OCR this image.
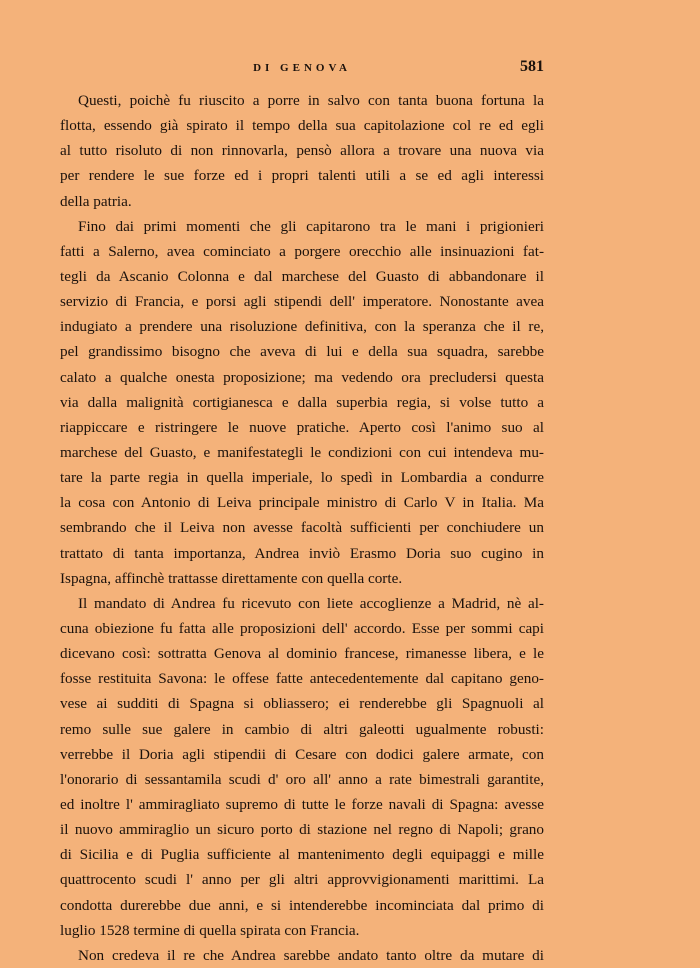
DI GENOVA	581
Questi, poichè fu riuscito a porre in salvo con tanta buona fortuna la
flotta, essendo già spirato il tempo della sua capitolazione col re ed egli
al tutto risoluto di non rinnovarla, pensò allora a trovare una nuova via
per rendere le sue forze ed i propri talenti utili a se ed agli interessi
della patria.
Fino dai primi momenti che gli capitarono tra le mani i prigionieri
fatti a Salerno, avea cominciato a porgere orecchio alle insinuazioni fat-
tegli da Ascanio Colonna e dal marchese del Guasto di abbandonare il
servizio di Francia, e porsi agli stipendi dell' imperatore. Nonostante avea
indugiato a prendere una risoluzione definitiva, con la speranza che il re,
pel grandissimo bisogno che aveva di lui e della sua squadra, sarebbe
calato a qualche onesta proposizione; ma vedendo ora precludersi questa
via dalla malignità cortigianesca e dalla superbia regia, si volse tutto a
riappiccare e ristringere le nuove pratiche. Aperto così l'animo suo al
marchese del Guasto, e manifestategli le condizioni con cui intendeva mu-
tare la parte regia in quella imperiale, lo spedì in Lombardia a condurre
la cosa con Antonio di Leiva principale ministro di Carlo V in Italia. Ma
sembrando che il Leiva non avesse facoltà sufficienti per conchiudere un
trattato di tanta importanza, Andrea inviò Erasmo Doria suo cugino in
Ispagna, affinchè trattasse direttamente con quella corte.
Il mandato di Andrea fu ricevuto con liete accoglienze a Madrid, nè al-
cuna obiezione fu fatta alle proposizioni dell' accordo. Esse per sommi capi
dicevano così: sottratta Genova al dominio francese, rimanesse libera, e le
fosse restituita Savona: le offese fatte antecedentemente dal capitano geno-
vese ai sudditi di Spagna si obliassero; ei renderebbe gli Spagnuoli al
remo sulle sue galere in cambio di altri galeotti ugualmente robusti:
verrebbe il Doria agli stipendii di Cesare con dodici galere armate, con
l'onorario di sessantamila scudi d' oro all' anno a rate bimestrali garantite,
ed inoltre l' ammiragliato supremo di tutte le forze navali di Spagna: avesse
il nuovo ammiraglio un sicuro porto di stazione nel regno di Napoli; grano
di Sicilia e di Puglia sufficiente al mantenimento degli equipaggi e mille
quattrocento scudi l' anno per gli altri approvvigionamenti marittimi. La
condotta durerebbe due anni, e si intenderebbe incominciata dal primo di
luglio 1528 termine di quella spirata con Francia.
Non credeva il re che Andrea sarebbe andato tanto oltre da mutare di
